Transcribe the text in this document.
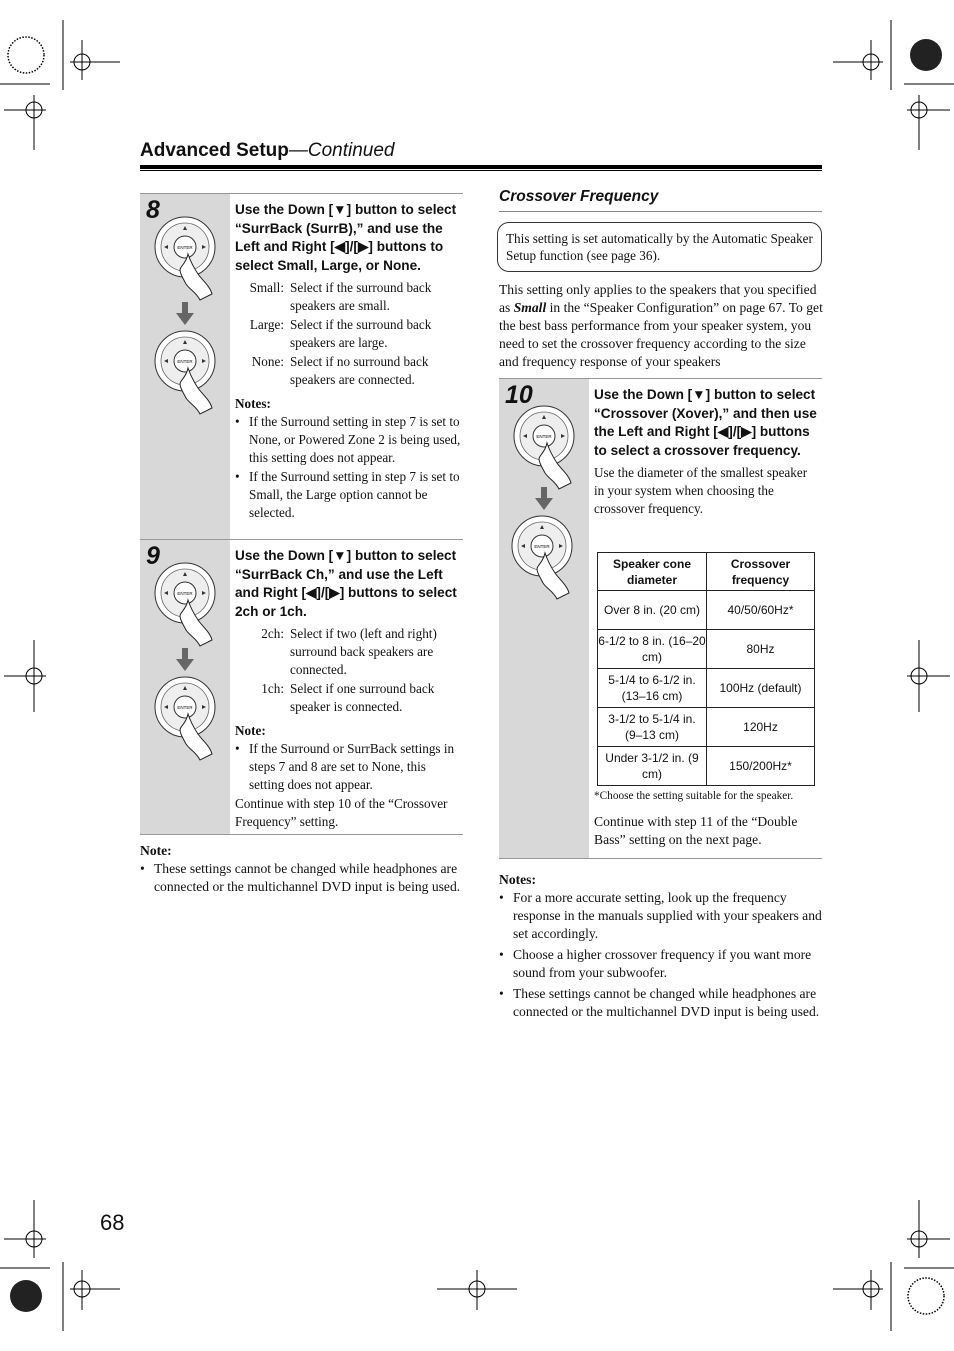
Advanced Setup—Continued
8
ENTER
ENTER

Use the Down [▼] button to select “SurrBack (SurrB),” and use the Left and Right [◀]/[▶] buttons to select Small, Large, or None.

Small: Select if the surround back speakers are small.
Large: Select if the surround back speakers are large.
None: Select if no surround back speakers are connected.
Notes:
• If the Surround setting in step 7 is set to None, or Powered Zone 2 is being used, this setting does not appear.
• If the Surround setting in step 7 is set to Small, the Large option cannot be selected.
9
ENTER
ENTER

Use the Down [▼] button to select “SurrBack Ch,” and use the Left and Right [◀]/[▶] buttons to select 2ch or 1ch.

2ch: Select if two (left and right) surround back speakers are connected.
1ch: Select if one surround back speaker is connected.
Note:
• If the Surround or SurrBack settings in steps 7 and 8 are set to None, this setting does not appear.

Continue with step 10 of the “Crossover Frequency” setting.

Note:
• These settings cannot be changed while headphones are connected or the multichannel DVD input is being used.
Crossover Frequency
This setting is set automatically by the Automatic Speaker Setup function (see page 36).
This setting only applies to the speakers that you specified as Small in the “Speaker Configuration” on page 67. To get the best bass performance from your speaker system, you need to set the crossover frequency according to the size and frequency response of your speakers
10
ENTER
ENTER

Use the Down [▼] button to select “Crossover (Xover),” and then use the Left and Right [◀]/[▶] buttons to select a crossover frequency.

Use the diameter of the smallest speaker in your system when choosing the crossover frequency.

Speaker cone diameter	Crossover frequency
Over 8 in. (20 cm)	40/50/60Hz*
6-1/2 to 8 in. (16–20 cm)	80Hz
5-1/4 to 6-1/2 in. (13–16 cm)	100Hz (default)
3-1/2 to 5-1/4 in. (9–13 cm)	120Hz
Under 3-1/2 in. (9 cm)	150/200Hz*
*Choose the setting suitable for the speaker.
Continue with step 11 of the “Double Bass” setting on the next page.
Notes:
• For a more accurate setting, look up the frequency response in the manuals supplied with your speakers and set accordingly.
• Choose a higher crossover frequency if you want more sound from your subwoofer.
• These settings cannot be changed while headphones are connected or the multichannel DVD input is being used.
68
